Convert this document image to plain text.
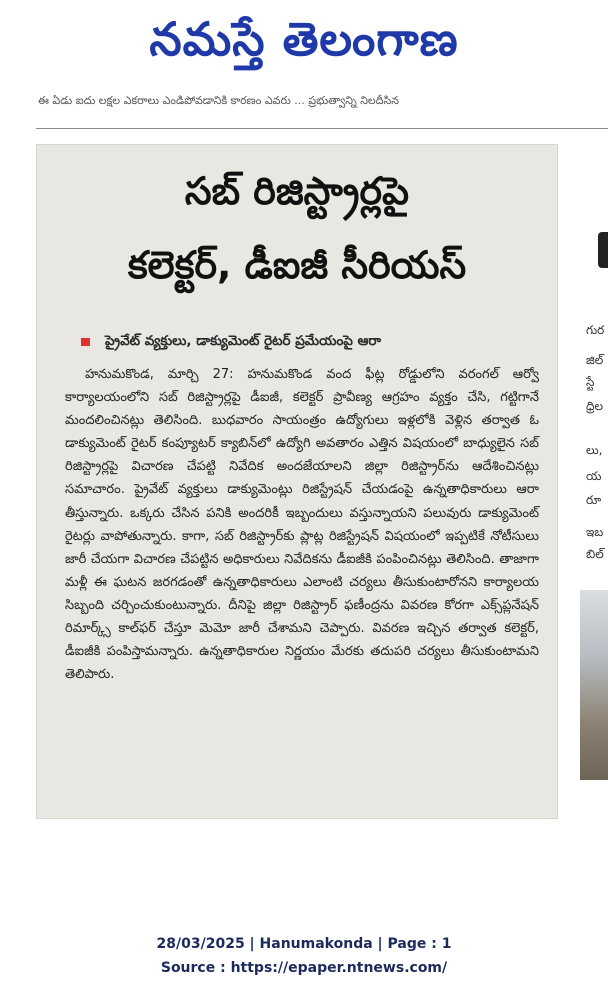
నమస్తే తెలంగాణ
ఈ ఏడు ఐదు లక్షల ఎకరాలు ఎండిపోవడానికి కారణం ఎవరు ... ప్రభుత్వాన్ని నిలదీసిన
సబ్ రిజిస్ట్రార్లపై
కలెక్టర్, డీఐజీ సీరియస్
ప్రైవేట్ వ్యక్తులు, డాక్యుమెంట్ రైటర్ ప్రమేయంపై ఆరా

హనుమకొండ, మార్చి 27: హనుమకొండ వంద ఫీట్ల రోడ్డులోని వరంగల్ ఆర్వో కార్యాలయంలోని సబ్ రిజిస్ట్రార్లపై డీఐజీ, కలెక్టర్ ప్రావీణ్య ఆగ్రహం వ్యక్తం చేసి, గట్టిగానే మందలించినట్లు తెలిసింది. బుధవారం సాయంత్రం ఉద్యోగులు ఇళ్లలోకి వెళ్లిన తర్వాత ఓ డాక్యుమెంట్ రైటర్ కంప్యూటర్ క్యాబిన్‌లో ఉద్యోగి అవతారం ఎత్తిన విషయంలో బాధ్యులైన సబ్ రిజిస్ట్రార్లపై విచారణ చేపట్టి నివేదిక అందజేయాలని జిల్లా రిజిస్ట్రార్‌ను ఆదేశించినట్లు సమాచారం. ప్రైవేట్ వ్యక్తులు డాక్యుమెంట్లు రిజిస్ట్రేషన్ చేయడంపై ఉన్నతాధికారులు ఆరా తీస్తున్నారు. ఒక్కరు చేసిన పనికి అందరికీ ఇబ్బందులు వస్తున్నాయని పలువురు డాక్యుమెంట్ రైటర్లు వాపోతున్నారు. కాగా, సబ్ రిజిస్ట్రార్‌కు ప్లాట్ల రిజిస్ట్రేషన్ విషయంలో ఇప్పటికే నోటీసులు జారీ చేయగా విచారణ చేపట్టిన అధికారులు నివేదికను డీఐజీకి పంపించినట్లు తెలిసింది. తాజాగా మళ్లీ ఈ ఘటన జరగడంతో ఉన్నతాధికారులు ఎలాంటి చర్యలు తీసుకుంటారోనని కార్యాలయ సిబ్బంది చర్చించుకుంటున్నారు. దీనిపై జిల్లా రిజిస్ట్రార్ ఫణీంద్రను వివరణ కోరగా ఎక్స్‌ప్లనేషన్ రిమార్క్స్ కాల్‌ఫర్ చేస్తూ మెమో జారీ చేశామని చెప్పారు. వివరణ ఇచ్చిన తర్వాత కలెక్టర్, డీఐజీకి పంపిస్తామన్నారు. ఉన్నతాధికారుల నిర్ణయం మేరకు తదుపరి చర్యలు తీసుకుంటామని తెలిపారు.

గుర
జిల్
స్టే
ధ్రిల
లు,
య
రూ
ఇబ
బిల్
28/03/2025 | Hanumakonda | Page : 1
Source : https://epaper.ntnews.com/
